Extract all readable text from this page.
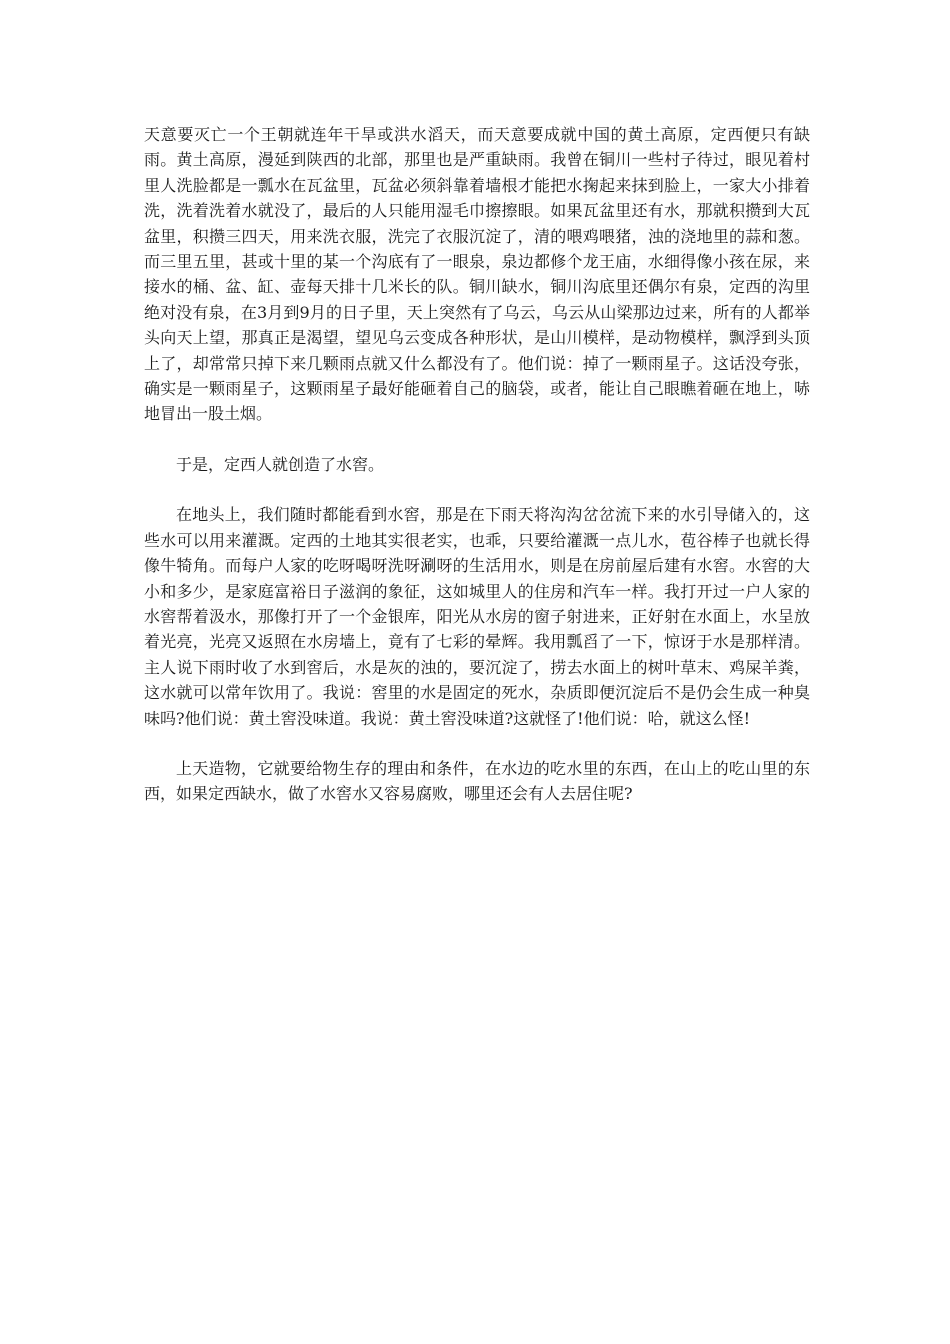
天意要灭亡一个王朝就连年干旱或洪水滔天，而天意要成就中国的黄土高原，定西便只有缺雨。黄土高原，漫延到陕西的北部，那里也是严重缺雨。我曾在铜川一些村子待过，眼见着村里人洗脸都是一瓢水在瓦盆里，瓦盆必须斜靠着墙根才能把水掬起来抹到脸上，一家大小排着洗，洗着洗着水就没了，最后的人只能用湿毛巾擦擦眼。如果瓦盆里还有水，那就积攒到大瓦盆里，积攒三四天，用来洗衣服，洗完了衣服沉淀了，清的喂鸡喂猪，浊的浇地里的蒜和葱。而三里五里，甚或十里的某一个沟底有了一眼泉，泉边都修个龙王庙，水细得像小孩在尿，来接水的桶、盆、缸、壶每天排十几米长的队。铜川缺水，铜川沟底里还偶尔有泉，定西的沟里绝对没有泉，在3月到9月的日子里，天上突然有了乌云，乌云从山梁那边过来，所有的人都举头向天上望，那真正是渴望，望见乌云变成各种形状，是山川模样，是动物模样，飘浮到头顶上了，却常常只掉下来几颗雨点就又什么都没有了。他们说：掉了一颗雨星子。这话没夸张，确实是一颗雨星子，这颗雨星子最好能砸着自己的脑袋，或者，能让自己眼瞧着砸在地上，哧地冒出一股土烟。

于是，定西人就创造了水窖。

在地头上，我们随时都能看到水窖，那是在下雨天将沟沟岔岔流下来的水引导储入的，这些水可以用来灌溉。定西的土地其实很老实，也乖，只要给灌溉一点儿水，苞谷棒子也就长得像牛犄角。而每户人家的吃呀喝呀洗呀涮呀的生活用水，则是在房前屋后建有水窖。水窖的大小和多少，是家庭富裕日子滋润的象征，这如城里人的住房和汽车一样。我打开过一户人家的水窖帮着汲水，那像打开了一个金银库，阳光从水房的窗子射进来，正好射在水面上，水呈放着光亮，光亮又返照在水房墙上，竟有了七彩的晕辉。我用瓢舀了一下，惊讶于水是那样清。主人说下雨时收了水到窖后，水是灰的浊的，要沉淀了，捞去水面上的树叶草末、鸡屎羊粪，这水就可以常年饮用了。我说：窖里的水是固定的死水，杂质即便沉淀后不是仍会生成一种臭味吗?他们说：黄土窖没味道。我说：黄土窖没味道?这就怪了!他们说：哈，就这么怪!

上天造物，它就要给物生存的理由和条件，在水边的吃水里的东西，在山上的吃山里的东西，如果定西缺水，做了水窖水又容易腐败，哪里还会有人去居住呢?
